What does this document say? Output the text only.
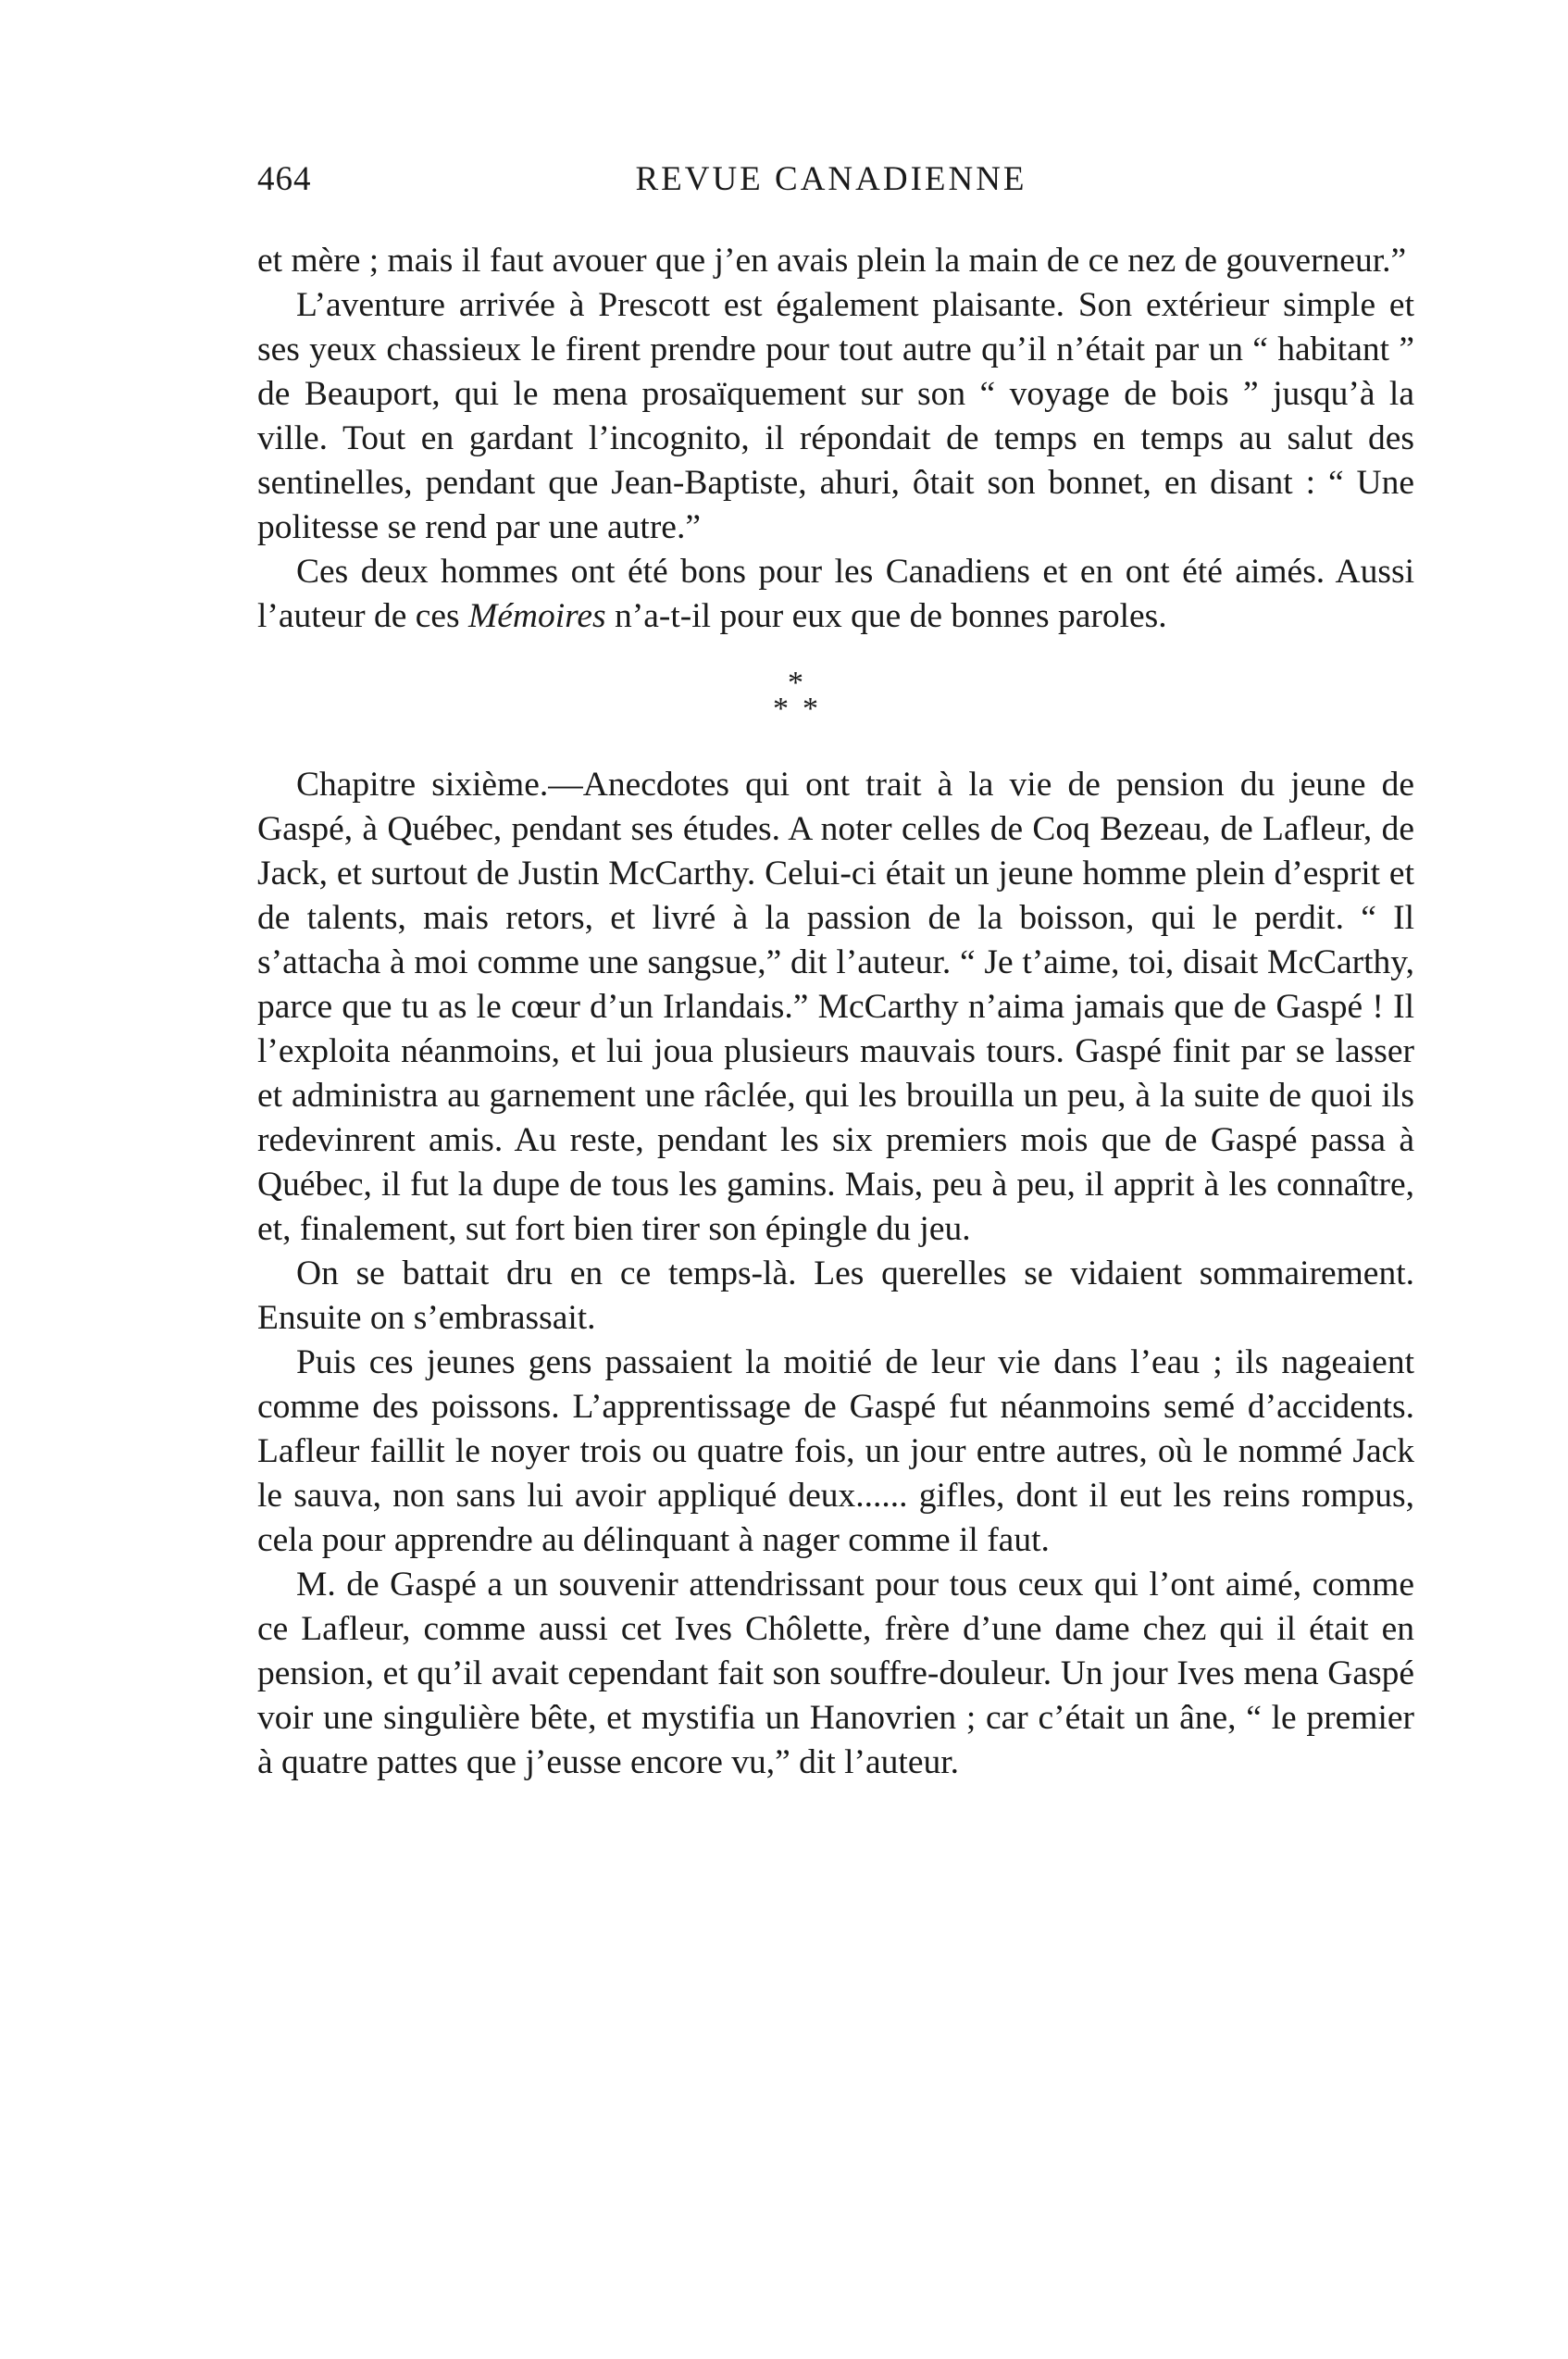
464	REVUE CANADIENNE

et mère ; mais il faut avouer que j’en avais plein la main de ce nez de gouverneur.”

L’aventure arrivée à Prescott est également plaisante. Son extérieur simple et ses yeux chassieux le firent prendre pour tout autre qu’il n’était par un “ habitant ” de Beauport, qui le mena prosaïquement sur son “ voyage de bois ” jusqu’à la ville. Tout en gardant l’incognito, il répondait de temps en temps au salut des sentinelles, pendant que Jean-Baptiste, ahuri, ôtait son bonnet, en disant : “ Une politesse se rend par une autre.”

Ces deux hommes ont été bons pour les Canadiens et en ont été aimés. Aussi l’auteur de ces Mémoires n’a-t-il pour eux que de bonnes paroles.

*
* *

Chapitre sixième.—Anecdotes qui ont trait à la vie de pension du jeune de Gaspé, à Québec, pendant ses études. A noter celles de Coq Bezeau, de Lafleur, de Jack, et surtout de Justin McCarthy. Celui-ci était un jeune homme plein d’esprit et de talents, mais retors, et livré à la passion de la boisson, qui le perdit. “ Il s’attacha à moi comme une sangsue,” dit l’auteur. “ Je t’aime, toi, disait McCarthy, parce que tu as le cœur d’un Irlandais.” McCarthy n’aima jamais que de Gaspé ! Il l’exploita néanmoins, et lui joua plusieurs mauvais tours. Gaspé finit par se lasser et administra au garnement une râclée, qui les brouilla un peu, à la suite de quoi ils redevinrent amis. Au reste, pendant les six premiers mois que de Gaspé passa à Québec, il fut la dupe de tous les gamins. Mais, peu à peu, il apprit à les connaître, et, finalement, sut fort bien tirer son épingle du jeu.

On se battait dru en ce temps-là. Les querelles se vidaient sommairement. Ensuite on s’embrassait.

Puis ces jeunes gens passaient la moitié de leur vie dans l’eau ; ils nageaient comme des poissons. L’apprentissage de Gaspé fut néanmoins semé d’accidents. Lafleur faillit le noyer trois ou quatre fois, un jour entre autres, où le nommé Jack le sauva, non sans lui avoir appliqué deux...... gifles, dont il eut les reins rompus, cela pour apprendre au délinquant à nager comme il faut.

M. de Gaspé a un souvenir attendrissant pour tous ceux qui l’ont aimé, comme ce Lafleur, comme aussi cet Ives Chôlette, frère d’une dame chez qui il était en pension, et qu’il avait cependant fait son souffre-douleur. Un jour Ives mena Gaspé voir une singulière bête, et mystifia un Hanovrien ; car c’était un âne, “ le premier à quatre pattes que j’eusse encore vu,” dit l’auteur.
